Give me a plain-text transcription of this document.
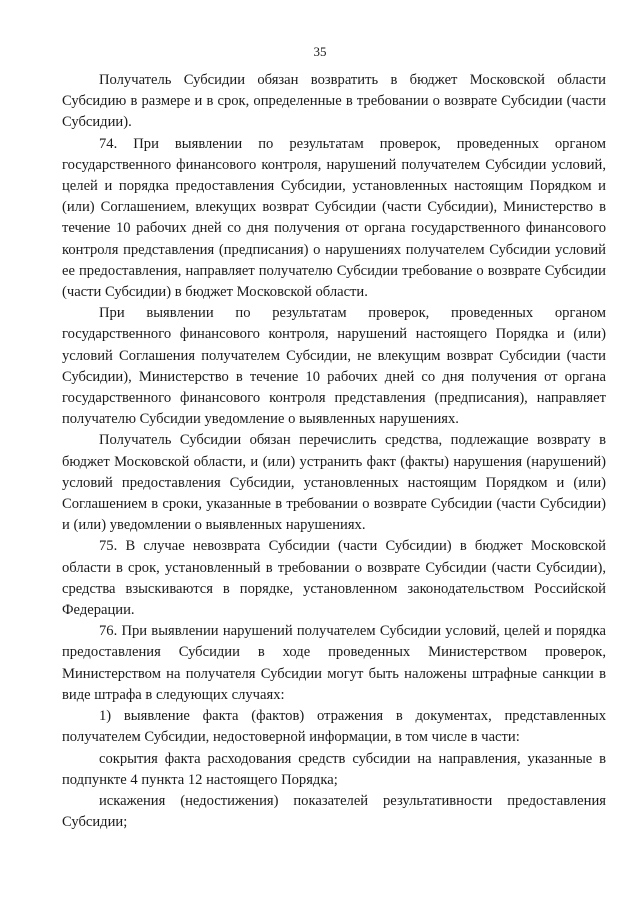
35

Получатель Субсидии обязан возвратить в бюджет Московской области Субсидию в размере и в срок, определенные в требовании о возврате Субсидии (части Субсидии).

74. При выявлении по результатам проверок, проведенных органом государственного финансового контроля, нарушений получателем Субсидии условий, целей и порядка предоставления Субсидии, установленных настоящим Порядком и (или) Соглашением, влекущих возврат Субсидии (части Субсидии), Министерство в течение 10 рабочих дней со дня получения от органа государственного финансового контроля представления (предписания) о нарушениях получателем Субсидии условий ее предоставления, направляет получателю Субсидии требование о возврате Субсидии (части Субсидии) в бюджет Московской области.

При выявлении по результатам проверок, проведенных органом государственного финансового контроля, нарушений настоящего Порядка и (или) условий Соглашения получателем Субсидии, не влекущим возврат Субсидии (части Субсидии), Министерство в течение 10 рабочих дней со дня получения от органа государственного финансового контроля представления (предписания), направляет получателю Субсидии уведомление о выявленных нарушениях.

Получатель Субсидии обязан перечислить средства, подлежащие возврату в бюджет Московской области, и (или) устранить факт (факты) нарушения (нарушений) условий предоставления Субсидии, установленных настоящим Порядком и (или) Соглашением в сроки, указанные в требовании о возврате Субсидии (части Субсидии) и (или) уведомлении о выявленных нарушениях.

75. В случае невозврата Субсидии (части Субсидии) в бюджет Московской области в срок, установленный в требовании о возврате Субсидии (части Субсидии), средства взыскиваются в порядке, установленном законодательством Российской Федерации.

76. При выявлении нарушений получателем Субсидии условий, целей и порядка предоставления Субсидии в ходе проведенных Министерством проверок, Министерством на получателя Субсидии могут быть наложены штрафные санкции в виде штрафа в следующих случаях:

1) выявление факта (фактов) отражения в документах, представленных получателем Субсидии, недостоверной информации, в том числе в части:

сокрытия факта расходования средств субсидии на направления, указанные в подпункте 4 пункта 12 настоящего Порядка;

искажения (недостижения) показателей результативности предоставления Субсидии;
